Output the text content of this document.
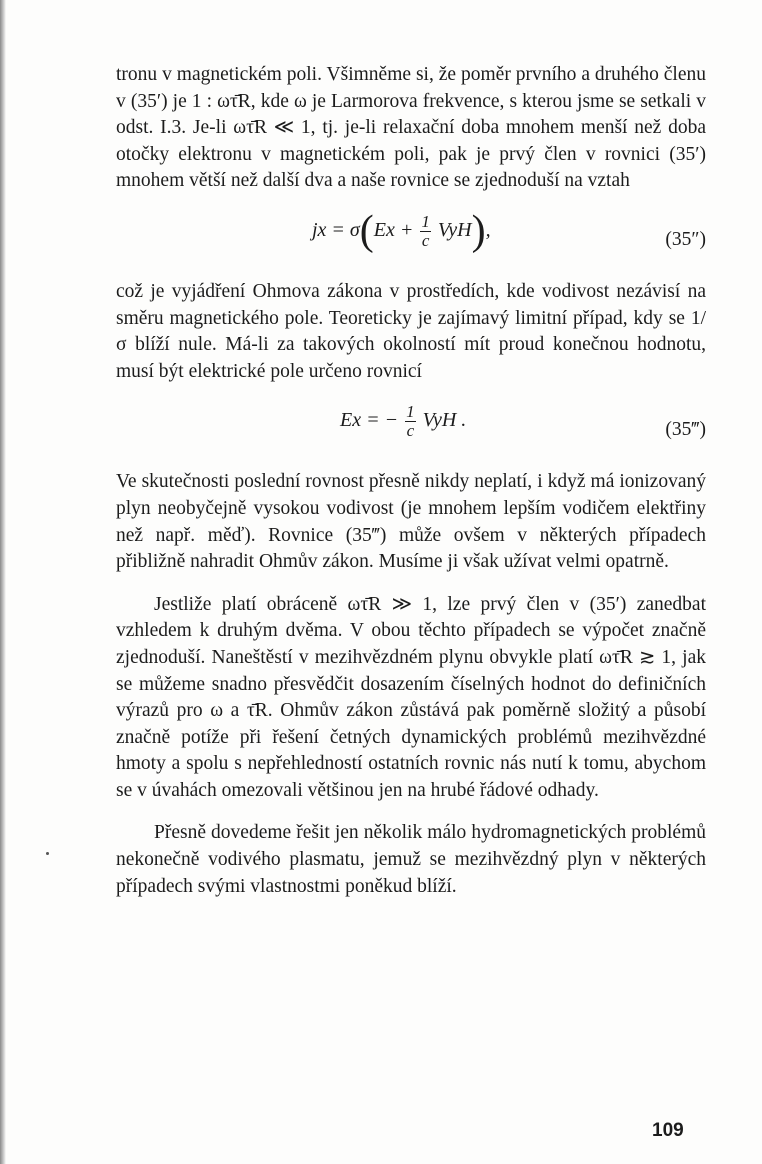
tronu v magnetickém poli. Všimněme si, že poměr prvního a druhého členu v (35′) je 1 : ωτ̄R, kde ω je Larmorova frekvence, s kterou jsme se setkali v odst. I.3. Je-li ωτ̄R ≪ 1, tj. je-li relaxační doba mnohem menší než doba otočky elektronu v magnetickém poli, pak je prvý člen v rovnici (35′) mnohem větší než další dva a naše rovnice se zjednoduší na vztah

jx = $\sigma(Ex + \frac{1}{c} VyH)$,	(35″)

což je vyjádření Ohmova zákona v prostředích, kde vodivost nezávisí na směru magnetického pole. Teoreticky je zajímavý limitní případ, kdy se 1/σ blíží nule. Má-li za takových okolností mít proud konečnou hodnotu, musí být elektrické pole určeno rovnicí

Ex = − $\frac{1}{c}$ VyH .	(35‴)

Ve skutečnosti poslední rovnost přesně nikdy neplatí, i když má ionizovaný plyn neobyčejně vysokou vodivost (je mnohem lepším vodičem elektřiny než např. měď). Rovnice (35‴) může ovšem v některých případech přibližně nahradit Ohmův zákon. Musíme ji však užívat velmi opatrně.

Jestliže platí obráceně ωτ̄R ≫ 1, lze prvý člen v (35′) zanedbat vzhledem k druhým dvěma. V obou těchto případech se výpočet značně zjednoduší. Naneštěstí v mezihvězdném plynu obvykle platí ωτ̄R ≳ 1, jak se můžeme snadno přesvědčit dosazením číselných hodnot do definičních výrazů pro ω a τ̄R. Ohmův zákon zůstává pak poměrně složitý a působí značně potíže při řešení četných dynamických problémů mezihvězdné hmoty a spolu s nepřehledností ostatních rovnic nás nutí k tomu, abychom se v úvahách omezovali většinou jen na hrubé řádové odhady.

Přesně dovedeme řešit jen několik málo hydromagnetických problémů nekonečně vodivého plasmatu, jemuž se mezihvězdný plyn v některých případech svými vlastnostmi poněkud blíží.

109
